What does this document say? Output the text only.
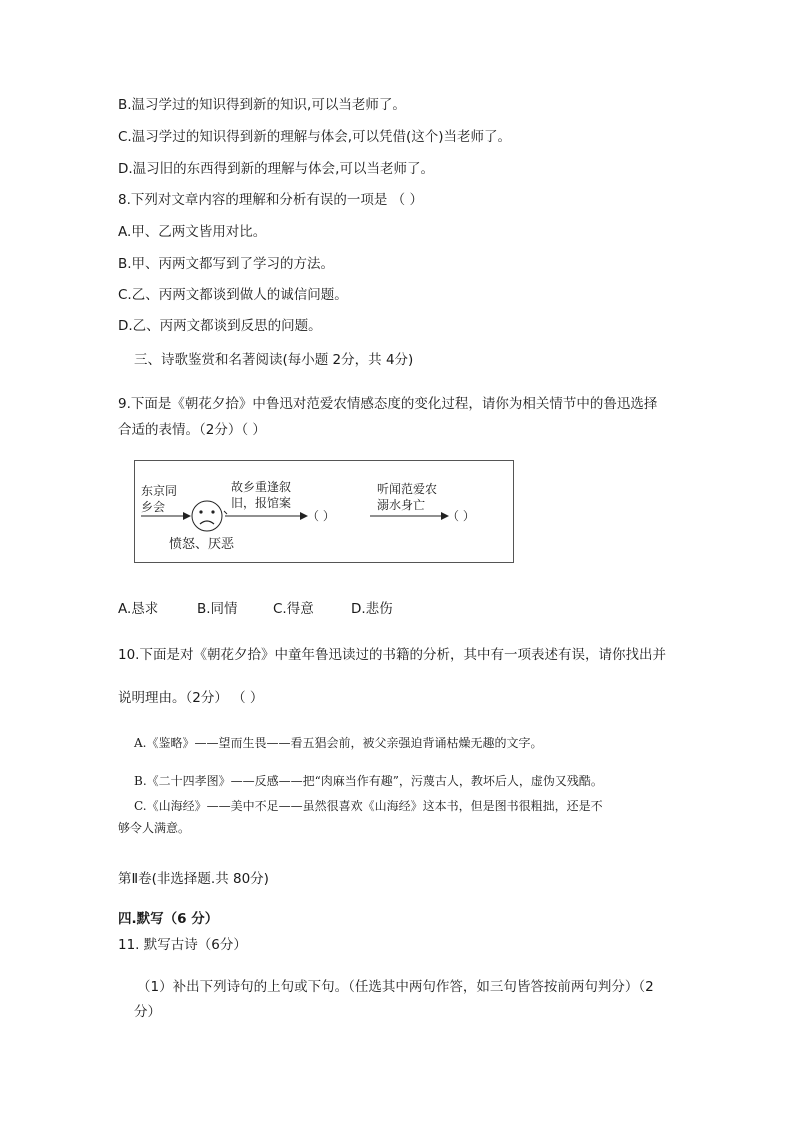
B.温习学过的知识得到新的知识,可以当老师了。
C.温习学过的知识得到新的理解与体会,可以凭借(这个)当老师了。
D.温习旧的东西得到新的理解与体会,可以当老师了。
8.下列对文章内容的理解和分析有误的一项是 （ ）
A.甲、乙两文皆用对比。
B.甲、丙两文都写到了学习的方法。
C.乙、丙两文都谈到做人的诚信问题。
D.乙、丙两文都谈到反思的问题。
三、诗歌鉴赏和名著阅读(每小题 2分，共 4分)
9.下面是《朝花夕拾》中鲁迅对范爱农情感态度的变化过程，请你为相关情节中的鲁迅选择
合适的表情。（2分）（ ）
东京同
乡会
愤怒、厌恶
故乡重逢叙
旧，报馆案
（ ）
听闻范爱农
溺水身亡
（ ）
A.恳求	B.同情	C.得意	D.悲伤
10.下面是对《朝花夕拾》中童年鲁迅读过的书籍的分析，其中有一项表述有误，请你找出并
说明理由。（2分） （ ）
A.《鉴略》——望而生畏——看五猖会前，被父亲强迫背诵枯燥无趣的文字。
B.《二十四孝图》——反感——把“肉麻当作有趣”，污蔑古人，教坏后人，虚伪又残酷。
C.《山海经》——美中不足——虽然很喜欢《山海经》这本书，但是图书很粗拙，还是不
够令人满意。
第Ⅱ卷(非选择题.共 80分)
四.默写（6 分）
11. 默写古诗（6分）
（1）补出下列诗句的上句或下句。（任选其中两句作答，如三句皆答按前两句判分）（2
分）
